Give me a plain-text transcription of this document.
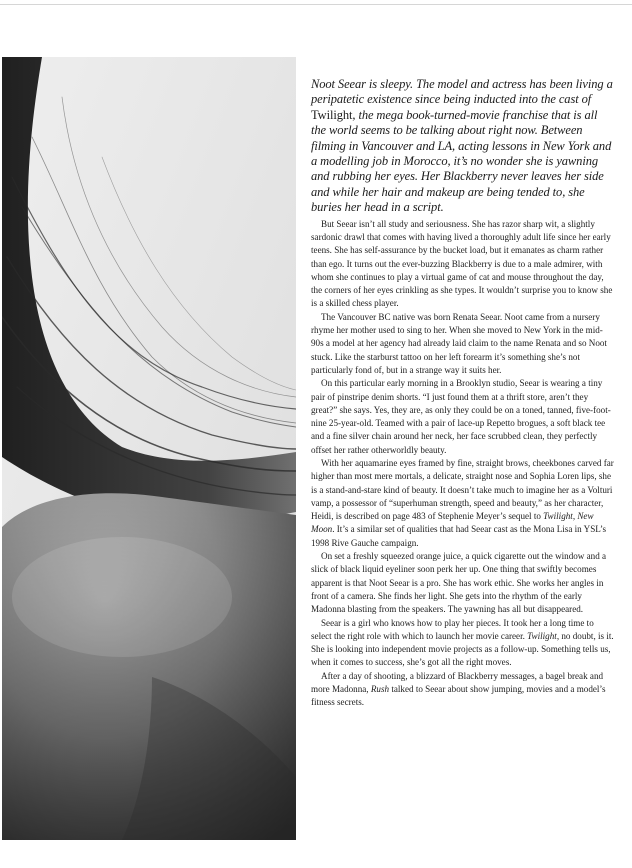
Noot Seear is sleepy. The model and actress has been living a peripatetic existence since being inducted into the cast of Twilight, the mega book-turned-movie franchise that is all the world seems to be talking about right now. Between filming in Vancouver and LA, acting lessons in New York and a modelling job in Morocco, it’s no wonder she is yawning and rubbing her eyes. Her Blackberry never leaves her side and while her hair and makeup are being tended to, she buries her head in a script.

But Seear isn’t all study and seriousness. She has razor sharp wit, a slightly sardonic drawl that comes with having lived a thoroughly adult life since her early teens. She has self-assurance by the bucket load, but it emanates as charm rather than ego. It turns out the ever-buzzing Blackberry is due to a male admirer, with whom she continues to play a virtual game of cat and mouse throughout the day, the corners of her eyes crinkling as she types. It wouldn’t surprise you to know she is a skilled chess player.

The Vancouver BC native was born Renata Seear. Noot came from a nursery rhyme her mother used to sing to her. When she moved to New York in the mid-90s a model at her agency had already laid claim to the name Renata and so Noot stuck. Like the starburst tattoo on her left forearm it’s something she’s not particularly fond of, but in a strange way it suits her.

On this particular early morning in a Brooklyn studio, Seear is wearing a tiny pair of pinstripe denim shorts. “I just found them at a thrift store, aren’t they great?” she says. Yes, they are, as only they could be on a toned, tanned, five-foot-nine 25-year-old. Teamed with a pair of lace-up Repetto brogues, a soft black tee and a fine silver chain around her neck, her face scrubbed clean, they perfectly offset her rather otherworldly beauty.

With her aquamarine eyes framed by fine, straight brows, cheekbones carved far higher than most mere mortals, a delicate, straight nose and Sophia Loren lips, she is a stand-and-stare kind of beauty. It doesn’t take much to imagine her as a Volturi vamp, a possessor of “superhuman strength, speed and beauty,” as her character, Heidi, is described on page 483 of Stephenie Meyer’s sequel to Twilight, New Moon. It’s a similar set of qualities that had Seear cast as the Mona Lisa in YSL’s 1998 Rive Gauche campaign.

On set a freshly squeezed orange juice, a quick cigarette out the window and a slick of black liquid eyeliner soon perk her up. One thing that swiftly becomes apparent is that Noot Seear is a pro. She has work ethic. She works her angles in front of a camera. She finds her light. She gets into the rhythm of the early Madonna blasting from the speakers. The yawning has all but disappeared.

Seear is a girl who knows how to play her pieces. It took her a long time to select the right role with which to launch her movie career. Twilight, no doubt, is it. She is looking into independent movie projects as a follow-up. Something tells us, when it comes to success, she’s got all the right moves.

After a day of shooting, a blizzard of Blackberry messages, a bagel break and more Madonna, Rush talked to Seear about show jumping, movies and a model’s fitness secrets.
